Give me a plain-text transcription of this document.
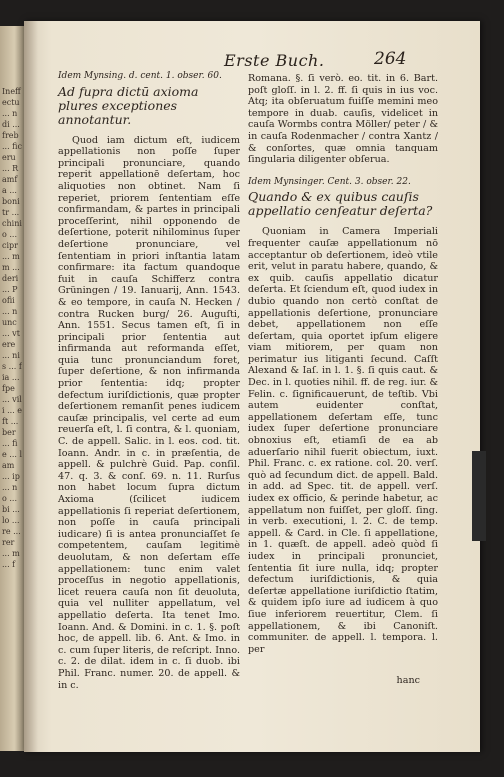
Ineffectu ... ndi ... freb ... ficeru ... Ramfa ... bonitr ... chinio ... cipr ... mm ... deri ... Pofii ... nunc ... vtere ... nis ... fia ... fpe ... vili ... eft ... ber ... fie ... lam ... ip ... no ... bi ... lo ... re ... rer ... m ... f
Erste Buch.	264

Idem Mynsing. d. cent. 1. obser. 60.

Ad fupra dictū axioma plures exceptiones annotantur.

Quod iam dictum eſt, iudicem appellationis non poſſe ſuper principali pronunciare, quando reperit appellationē deſertam, hoc aliquoties non obtinet. Nam ſi reperiet, priorem ſententiam eſſe confirmandam, & partes in principali proceſſerint, nihil opponendo de deſertione, poterit nihilominus ſuper deſertione pronunciare, vel ſententiam in priori inſtantia latam confirmare: ita factum quandoque fuit in cauſa Schifferz contra Grüningen / 19. Ianuarij, Ann. 1543. & eo tempore, in cauſa N. Hecken / contra Rucken burg/ 26. Auguſti, Ann. 1551. Secus tamen eſt, ſi in principali prior ſententia aut infirmanda aut reformanda eſſet, quia tunc pronunciandum foret, ſuper deſertione, & non infirmanda prior ſententia: idq; propter defectum iuriſdictionis, quæ propter deſertionem remanſit penes iudicem cauſæ principalis, vel certe ad eum reuerſa eſt, l. ſi contra, & l. quoniam, C. de appell. Salic. in l. eos. cod. tit. Ioann. Andr. in c. in præſentia, de appell. & pulchrè Guid. Pap. conſil. 47. q. 3. & conſ. 69. n. 11. Rurſus non habet locum ſupra dictum Axioma (ſcilicet iudicem appellationis ſi reperiat deſertionem, non poſſe in cauſa principali iudicare) ſi is antea pronunciaſſet ſe competentem, cauſam legitimè deuolutam, & non deſertam eſſe appellationem: tunc enim valet proceſſus in negotio appellationis, licet reuera cauſa non ſit deuoluta, quia vel nulliter appellatum, vel appellatio deſerta. Ita tenet Imo. Ioann. And. & Domini. in c. 1. §. poſt hoc, de appell. lib. 6. Ant. & Imo. in c. cum ſuper literis, de reſcript. Inno. c. 2. de dilat. idem in c. ſi duob. ibi Phil. Franc. numer. 20. de appell. & in c.

Romana. §. ſi verò. eo. tit. in 6. Bart. poſt gloſſ. in l. 2. ff. ſi quis in ius voc. Atq; ita obſeruatum fuiſſe memini meo tempore in duab. cauſis, videlicet in cauſa Wormbs contra Möller/ peter / & in cauſa Rodenmacher / contra Xantz / & conſortes, quæ omnia tanquam ſingularia diligenter obſerua.

Idem Mynsinger. Cent. 3. obser. 22.

Quando & ex quibus cauſis appellatio cenſeatur deſerta?

Quoniam in Camera Imperiali frequenter cauſæ appellationum nō acceptantur ob deſertionem, ideò vtile erit, velut in paratu habere, quando, & ex quib. cauſis appellatio dicatur deſerta. Et ſciendum eſt, quod iudex in dubio quando non certò conſtat de appellationis deſertione, pronunciare debet, appellationem non eſſe deſertam, quia oportet ipſum eligere viam mitiorem, per quam non perimatur ius litiganti ſecund. Caſſt Alexand & Iaſ. in l. 1. §. ſi quis caut. & Dec. in l. quoties nihil. ff. de reg. iur. & Felin. c. ſignificauerunt, de teſtib. Vbi autem euidenter conſtat, appellationem deſertam eſſe, tunc iudex ſuper deſertione pronunciare obnoxius eſt, etiamſi de ea ab aduerſario nihil fuerit obiectum, iuxt. Phil. Franc. c. ex ratione. col. 20. verſ. quò ad ſecundum dict. de appell. Bald. in add. ad Spec. tit. de appell. verſ. iudex ex officio, & perinde habetur, ac appellatum non fuiſſet, per gloſſ. ſing. in verb. executioni, l. 2. C. de temp. appell. & Card. in Cle. ſi appellatione, in 1. quæſt. de appell. adeò quòd ſi iudex in principali pronunciet, ſententia ſit iure nulla, idq; propter defectum iuriſdictionis, & quia deſertæ appellatione iuriſdictio ſtatim, & quidem ipſo iure ad iudicem à quo ſiue inferiorem reuertitur, Clem. ſi appellationem, & ibi Canoniſt. communiter. de appell. l. tempora. l. per

hanc
